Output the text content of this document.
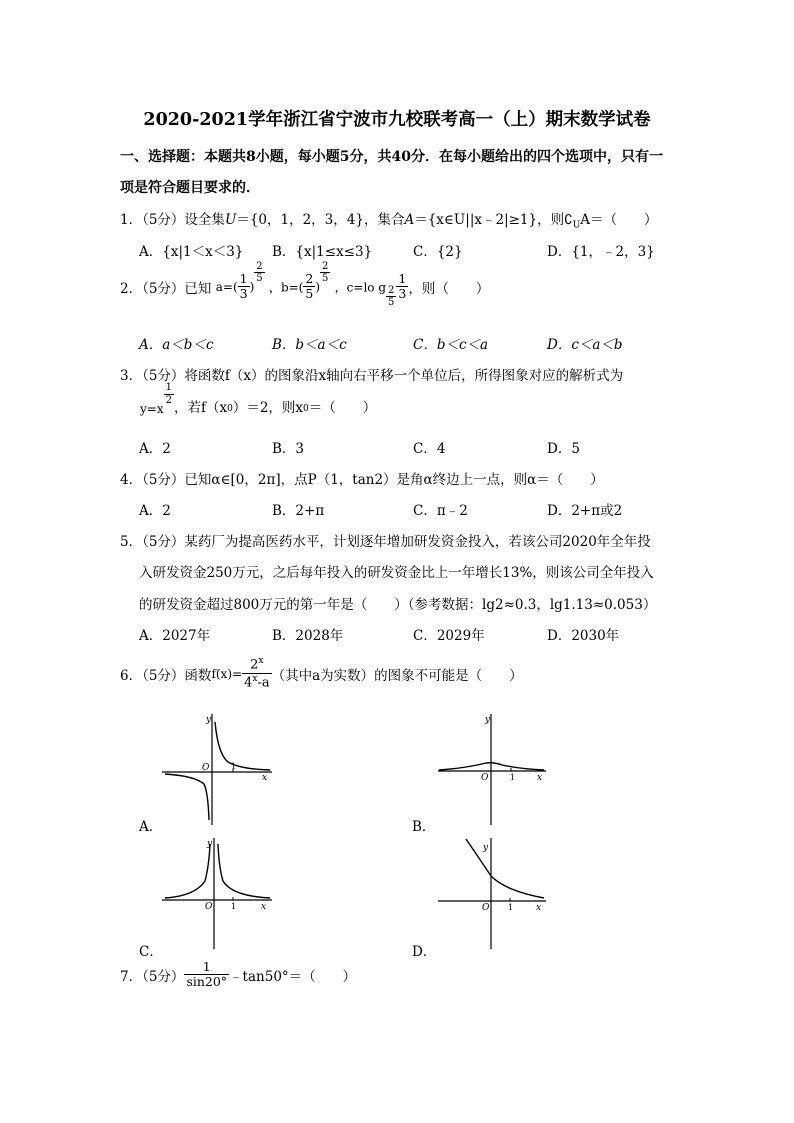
2020-2021学年浙江省宁波市九校联考高一（上）期末数学试卷
一、选择题：本题共8小题，每小题5分，共40分．在每小题给出的四个选项中，只有一
项是符合题目要求的．
1．（5分）设全集U＝{0，1，2，3，4}，集合A＝{x∈U||x﹣2|≥1}，则$∁_UA=$（　　）
A．{x|1＜x＜3} B．{x|1≤x≤3}	C．{2}	D．{1，﹣2，3}
2．（5分）已知 $a=( \frac{1}{3}$ )
$\frac{2}{5}$
，$b=( \frac{2}{5}$ )
$\frac{2}{5}$
，c=lo g $\frac{2}{5} \frac{1}{3}$ ，则（　　）
A．a＜b＜c	B．b＜a＜c	C．b＜c＜a	D．c＜a＜b
3．（5分）将函数f（x）的图象沿x轴向右平移一个单位后，所得图象对应的解析式为
y=x
$\frac{1}{2}$
，若$f(x_0)=2$，则$x_0=$（　　）
A．2	B．3	C．4	D．5
4．（5分）已知α∈[0，2π]，点P（1，tan2）是角α终边上一点，则α＝（　　）
A．2	B．2+π	C．π﹣2	D．2+π或2
5．（5分）某药厂为提高医药水平，计划逐年增加研发资金投入，若该公司2020年全年投
入研发资金250万元，之后每年投入的研发资金比上一年增长13%，则该公司全年投入
的研发资金超过800万元的第一年是（　　）（参考数据：lg2≈0.3，lg1.13≈0.053）
A．2027年	B．2028年	C．2029年	D．2030年
6．（5分）函数$f(x)= \frac{2^x}{4^x-a}$ （其中a为实数）的图象不可能是（　　）
y
O	1
x
A．
y
O	1 x
B．
y
O 1	x
C．
y
O 1	x
D．
7．（5分） $\frac{1}{\sin 20^\circ}$ ﹣tan50°＝（　　）
